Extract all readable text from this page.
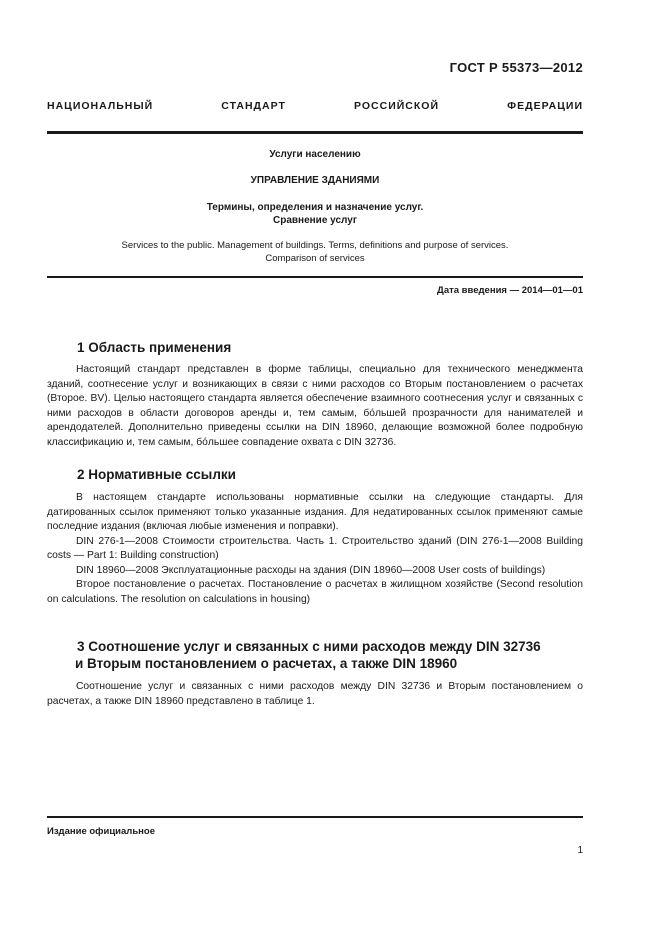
ГОСТ Р 55373—2012
НАЦИОНАЛЬНЫЙ СТАНДАРТ РОССИЙСКОЙ ФЕДЕРАЦИИ
Услуги населению
УПРАВЛЕНИЕ ЗДАНИЯМИ
Термины, определения и назначение услуг.
Сравнение услуг
Services to the public. Management of buildings. Terms, definitions and purpose of services.
Comparison of services
Дата введения — 2014—01—01
1 Область применения

Настоящий стандарт представлен в форме таблицы, специально для технического менеджмента зданий, соотнесение услуг и возникающих в связи с ними расходов со Вторым постановлением о расчетах (Второе. BV). Целью настоящего стандарта является обеспечение взаимного соотнесения услуг и связанных с ними расходов в области договоров аренды и, тем самым, бóльшей прозрачности для нанимателей и арендодателей. Дополнительно приведены ссылки на DIN 18960, делающие возможной более подробную классификацию и, тем самым, бóльшее совпадение охвата с DIN 32736.

2 Нормативные ссылки

В настоящем стандарте использованы нормативные ссылки на следующие стандарты. Для датированных ссылок применяют только указанные издания. Для недатированных ссылок применяют самые последние издания (включая любые изменения и поправки).

DIN 276-1—2008 Стоимости строительства. Часть 1. Строительство зданий (DIN 276-1—2008 Building costs — Part 1: Building construction)

DIN 18960—2008 Эксплуатационные расходы на здания (DIN 18960—2008 User costs of buildings)

Второе постановление о расчетах. Постановление о расчетах в жилищном хозяйстве (Second resolution on calculations. The resolution on calculations in housing)

3 Соотношение услуг и связанных с ними расходов между DIN 32736
и Вторым постановлением о расчетах, а также DIN 18960

Соотношение услуг и связанных с ними расходов между DIN 32736 и Вторым постановлением о расчетах, а также DIN 18960 представлено в таблице 1.

Издание официальное
1
